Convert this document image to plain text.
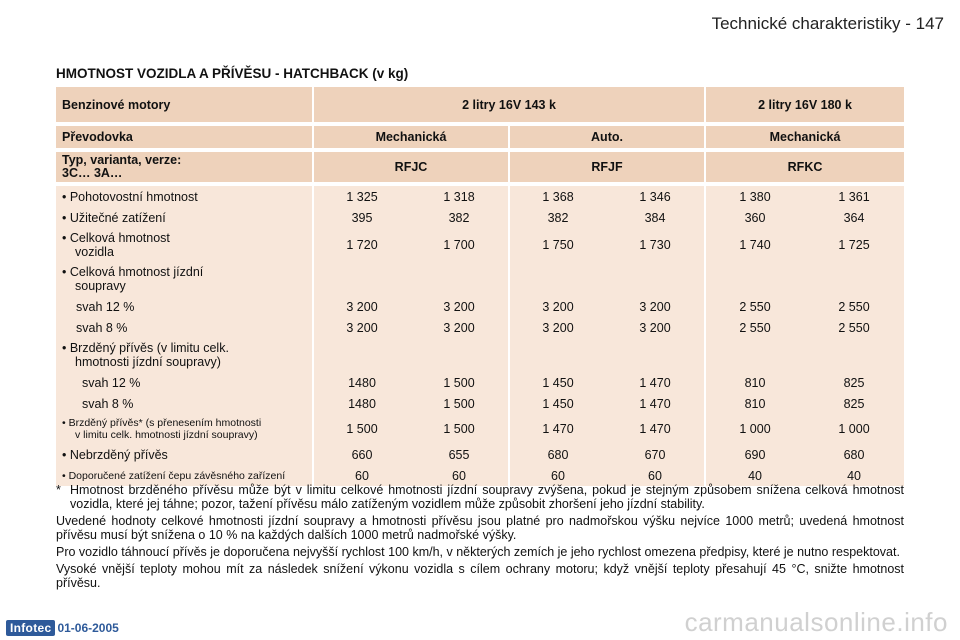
Technické charakteristiky - 147
HMOTNOST VOZIDLA A PŘÍVĚSU - HATCHBACK (v kg)
Benzinové motory	2 litry 16V 143 k				2 litry 16V 180 k	

Převodovka	Mechanická		Auto.		Mechanická	

Typ, varianta, verze:
3C… 3A…	RFJC		RFJF		RFKC	

• Pohotovostní hmotnost	1 325	1 318	1 368	1 346	1 380	1 361

• Užitečné zatížení	395	382	382	384	360	364

• Celková hmotnost
vozidla	1 720	1 700	1 750	1 730	1 740	1 725

• Celková hmotnost jízdní
soupravy						

svah 12 %	3 200	3 200	3 200	3 200	2 550	2 550
svah 8 %	3 200	3 200	3 200	3 200	2 550	2 550

• Brzděný přívěs (v limitu celk.
hmotnosti jízdní soupravy)						

svah 12 %	1480	1 500	1 450	1 470	810	825
svah 8 %	1480	1 500	1 450	1 470	810	825

• Brzděný přívěs* (s přenesením hmotnosti
v limitu celk. hmotnosti jízdní soupravy)	1 500	1 500	1 470	1 470	1 000	1 000

• Nebrzděný přívěs	660	655	680	670	690	680

• Doporučené zatížení čepu závěsného zařízení	60	60	60	60	40	40

* Hmotnost brzděného přívěsu může být v limitu celkové hmotnosti jízdní soupravy zvýšena, pokud je stejným způsobem snížena celková hmotnost vozidla, které jej táhne; pozor, tažení přívěsu málo zatíženým vozidlem může způsobit zhoršení jeho jízdní stability.

Uvedené hodnoty celkové hmotnosti jízdní soupravy a hmotnosti přívěsu jsou platné pro nadmořskou výšku nejvíce 1000 metrů; uvedená hmotnost přívěsu musí být snížena o 10 % na každých dalších 1000 metrů nadmořské výšky.

Pro vozidlo táhnoucí přívěs je doporučena nejvyšší rychlost 100 km/h, v některých zemích je jeho rychlost omezena předpisy, které je nutno respektovat.

Vysoké vnější teploty mohou mít za následek snížení výkonu vozidla s cílem ochrany motoru; když vnější teploty přesahují 45 °C, snižte hmotnost přívěsu.

Infotec 01-06-2005	carmanualsonline.info
